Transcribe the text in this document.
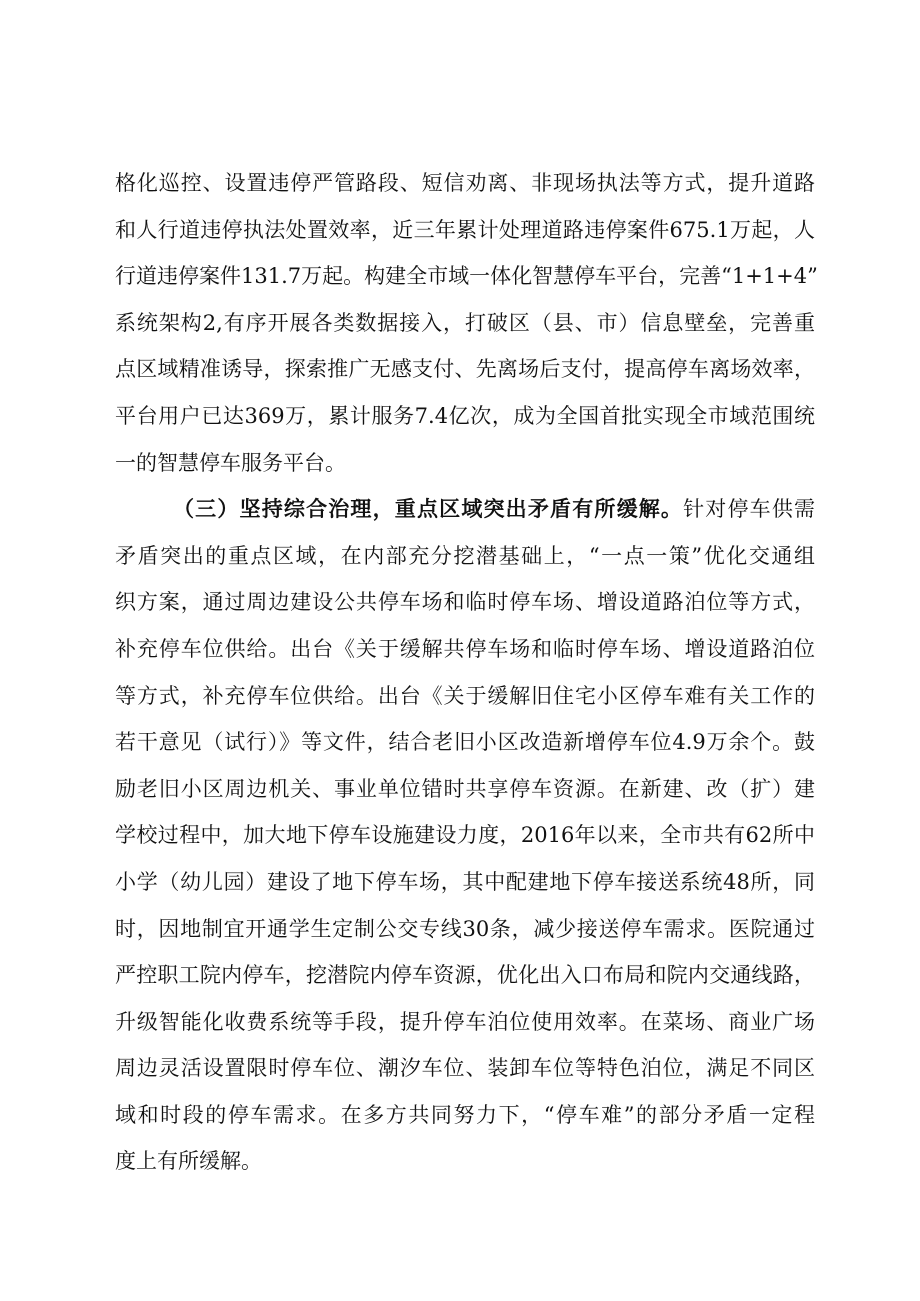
格化巡控、设置违停严管路段、短信劝离、非现场执法等方式，提升道路
和人行道违停执法处置效率，近三年累计处理道路违停案件675.1万起，人
行道违停案件131.7万起。构建全市域一体化智慧停车平台，完善“1+1+4”
系统架构2,有序开展各类数据接入，打破区（县、市）信息壁垒，完善重
点区域精准诱导，探索推广无感支付、先离场后支付，提高停车离场效率，
平台用户已达369万，累计服务7.4亿次，成为全国首批实现全市域范围统
一的智慧停车服务平台。
（三）坚持综合治理，重点区域突出矛盾有所缓解。针对停车供需
矛盾突出的重点区域，在内部充分挖潜基础上，“一点一策”优化交通组
织方案，通过周边建设公共停车场和临时停车场、增设道路泊位等方式，
补充停车位供给。出台《关于缓解共停车场和临时停车场、增设道路泊位
等方式，补充停车位供给。出台《关于缓解旧住宅小区停车难有关工作的
若干意见（试行）》等文件，结合老旧小区改造新增停车位4.9万余个。鼓
励老旧小区周边机关、事业单位错时共享停车资源。在新建、改（扩）建
学校过程中，加大地下停车设施建设力度，2016年以来，全市共有62所中
小学（幼儿园）建设了地下停车场，其中配建地下停车接送系统48所，同
时，因地制宜开通学生定制公交专线30条，减少接送停车需求。医院通过
严控职工院内停车，挖潜院内停车资源，优化出入口布局和院内交通线路，
升级智能化收费系统等手段，提升停车泊位使用效率。在菜场、商业广场
周边灵活设置限时停车位、潮汐车位、装卸车位等特色泊位，满足不同区
域和时段的停车需求。在多方共同努力下，“停车难”的部分矛盾一定程
度上有所缓解。
